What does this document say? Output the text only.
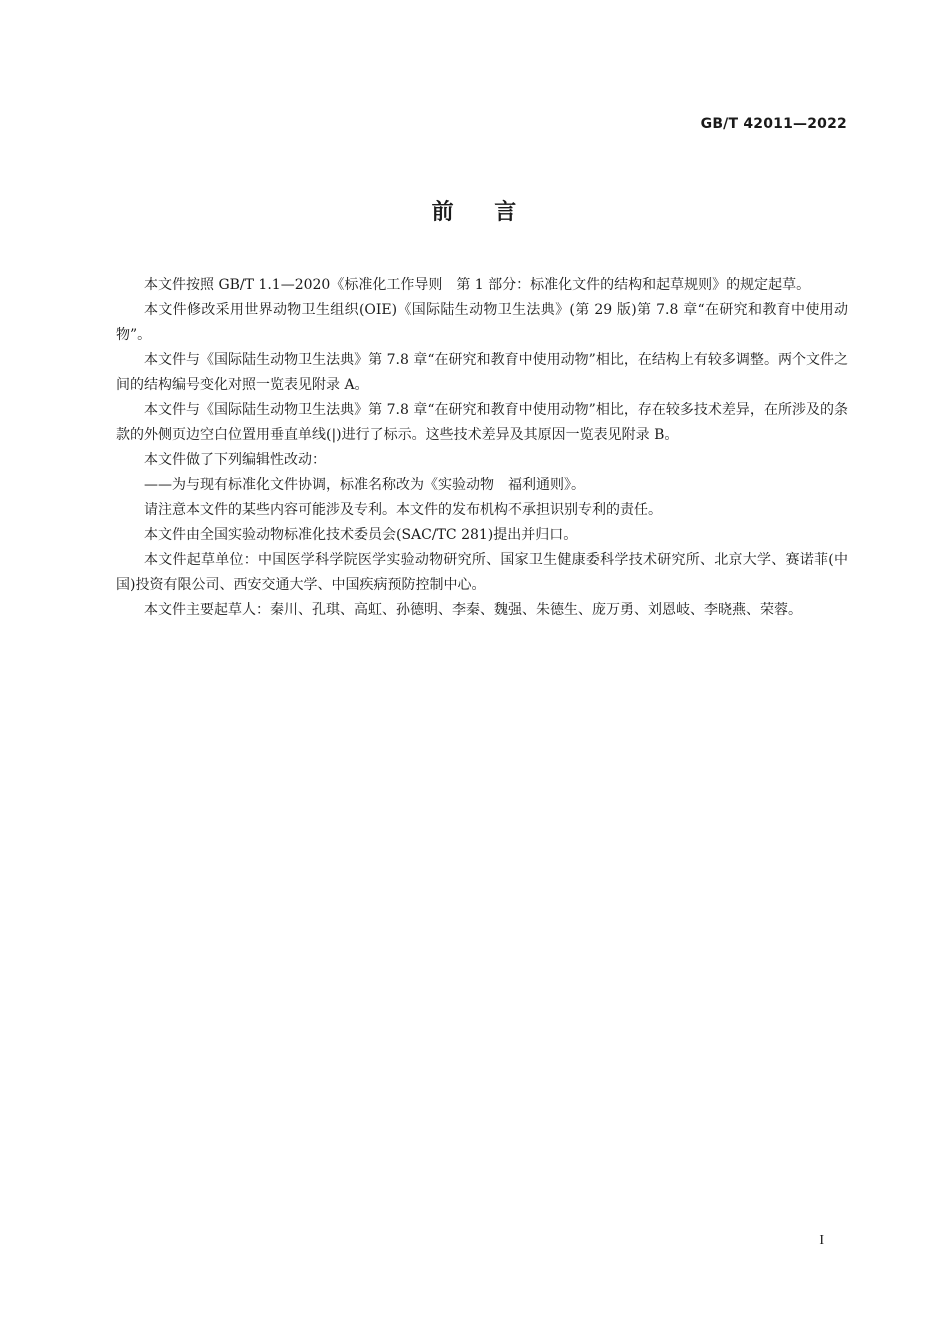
GB/T 42011—2022
前    言

本文件按照 GB/T 1.1—2020《标准化工作导则　第 1 部分：标准化文件的结构和起草规则》的规定起草。

本文件修改采用世界动物卫生组织(OIE)《国际陆生动物卫生法典》(第 29 版)第 7.8 章“在研究和教育中使用动物”。

本文件与《国际陆生动物卫生法典》第 7.8 章“在研究和教育中使用动物”相比，在结构上有较多调整。两个文件之间的结构编号变化对照一览表见附录 A。

本文件与《国际陆生动物卫生法典》第 7.8 章“在研究和教育中使用动物”相比，存在较多技术差异，在所涉及的条款的外侧页边空白位置用垂直单线(|)进行了标示。这些技术差异及其原因一览表见附录 B。

本文件做了下列编辑性改动：

——为与现有标准化文件协调，标准名称改为《实验动物　福利通则》。

请注意本文件的某些内容可能涉及专利。本文件的发布机构不承担识别专利的责任。

本文件由全国实验动物标准化技术委员会(SAC/TC 281)提出并归口。

本文件起草单位：中国医学科学院医学实验动物研究所、国家卫生健康委科学技术研究所、北京大学、赛诺菲(中国)投资有限公司、西安交通大学、中国疾病预防控制中心。

本文件主要起草人：秦川、孔琪、高虹、孙德明、李秦、魏强、朱德生、庞万勇、刘恩岐、李晓燕、荣蓉。

I
